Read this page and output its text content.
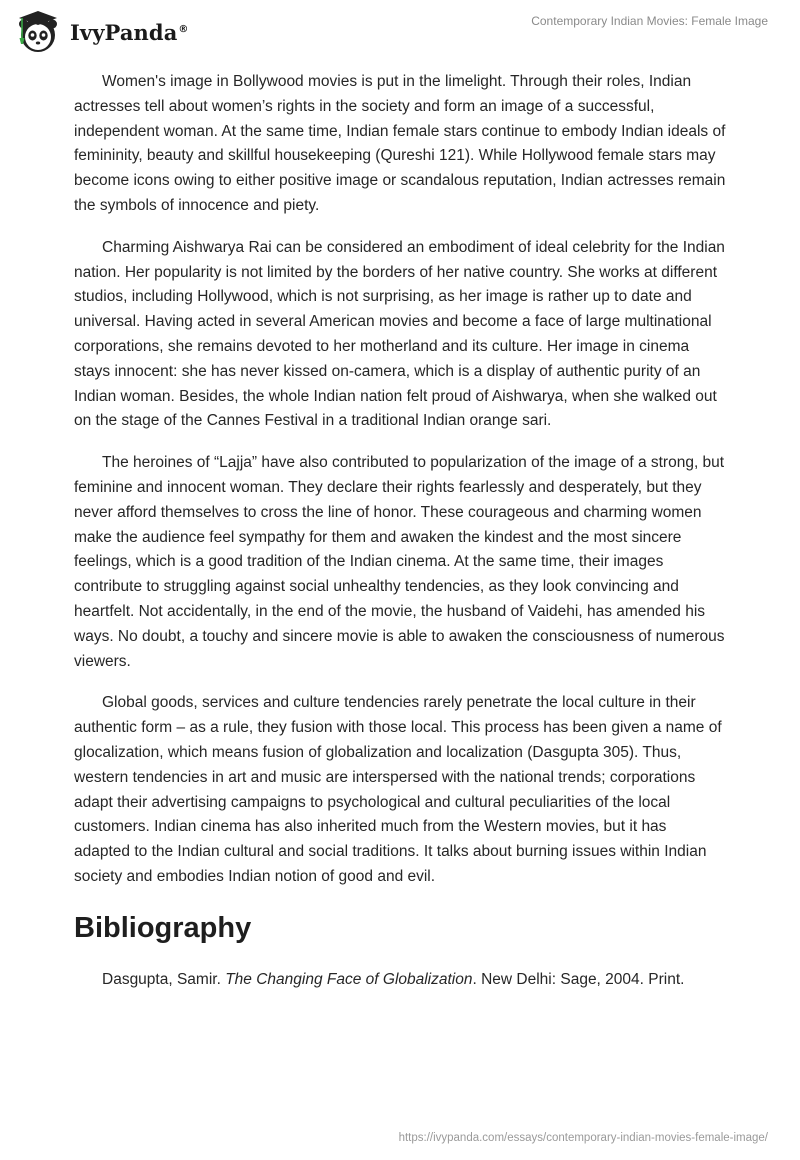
IvyPanda®
Contemporary Indian Movies: Female Image

Women's image in Bollywood movies is put in the limelight. Through their roles, Indian actresses tell about women’s rights in the society and form an image of a successful, independent woman. At the same time, Indian female stars continue to embody Indian ideals of femininity, beauty and skillful housekeeping (Qureshi 121). While Hollywood female stars may become icons owing to either positive image or scandalous reputation, Indian actresses remain the symbols of innocence and piety.

Charming Aishwarya Rai can be considered an embodiment of ideal celebrity for the Indian nation. Her popularity is not limited by the borders of her native country. She works at different studios, including Hollywood, which is not surprising, as her image is rather up to date and universal. Having acted in several American movies and become a face of large multinational corporations, she remains devoted to her motherland and its culture. Her image in cinema stays innocent: she has never kissed on-camera, which is a display of authentic purity of an Indian woman. Besides, the whole Indian nation felt proud of Aishwarya, when she walked out on the stage of the Cannes Festival in a traditional Indian orange sari.

The heroines of “Lajja” have also contributed to popularization of the image of a strong, but feminine and innocent woman. They declare their rights fearlessly and desperately, but they never afford themselves to cross the line of honor. These courageous and charming women make the audience feel sympathy for them and awaken the kindest and the most sincere feelings, which is a good tradition of the Indian cinema. At the same time, their images contribute to struggling against social unhealthy tendencies, as they look convincing and heartfelt. Not accidentally, in the end of the movie, the husband of Vaidehi, has amended his ways. No doubt, a touchy and sincere movie is able to awaken the consciousness of numerous viewers.

Global goods, services and culture tendencies rarely penetrate the local culture in their authentic form – as a rule, they fusion with those local. This process has been given a name of glocalization, which means fusion of globalization and localization (Dasgupta 305). Thus, western tendencies in art and music are interspersed with the national trends; corporations adapt their advertising campaigns to psychological and cultural peculiarities of the local customers. Indian cinema has also inherited much from the Western movies, but it has adapted to the Indian cultural and social traditions. It talks about burning issues within Indian society and embodies Indian notion of good and evil.

Bibliography

Dasgupta, Samir. The Changing Face of Globalization. New Delhi: Sage, 2004. Print.

https://ivypanda.com/essays/contemporary-indian-movies-female-image/
